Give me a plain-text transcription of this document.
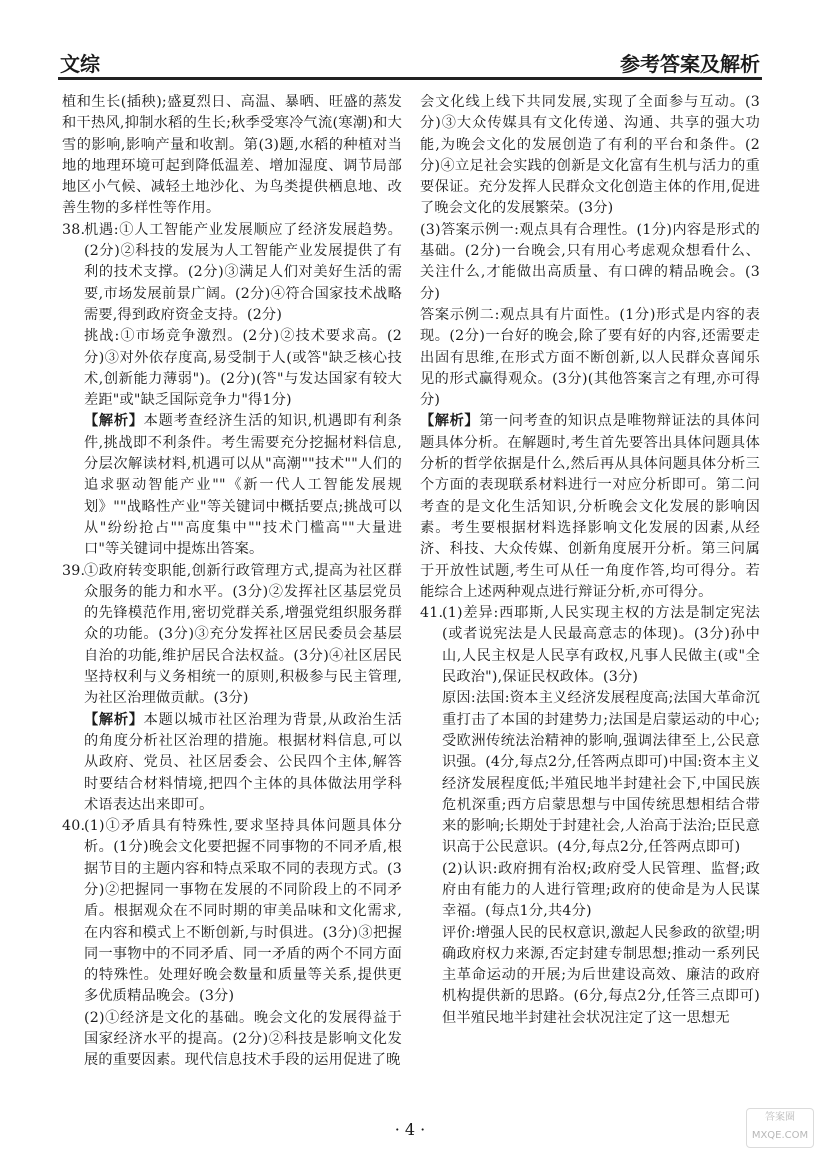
文综	参考答案及解析

植和生长(插秧);盛夏烈日、高温、暴晒、旺盛的蒸发和干热风,抑制水稻的生长;秋季受寒冷气流(寒潮)和大雪的影响,影响产量和收割。第(3)题,水稻的种植对当地的地理环境可起到降低温差、增加湿度、调节局部地区小气候、减轻土地沙化、为鸟类提供栖息地、改善生物的多样性等作用。

38.

机遇:①人工智能产业发展顺应了经济发展趋势。(2分)②科技的发展为人工智能产业发展提供了有利的技术支撑。(2分)③满足人们对美好生活的需要,市场发展前景广阔。(2分)④符合国家技术战略需要,得到政府资金支持。(2分)

挑战:①市场竞争激烈。(2分)②技术要求高。(2分)③对外依存度高,易受制于人(或答"缺乏核心技术,创新能力薄弱")。(2分)(答"与发达国家有较大差距"或"缺乏国际竞争力"得1分)

【解析】本题考查经济生活的知识,机遇即有利条件,挑战即不利条件。考生需要充分挖掘材料信息,分层次解读材料,机遇可以从"高潮""技术""人们的追求驱动智能产业""《新一代人工智能发展规划》""战略性产业"等关键词中概括要点;挑战可以从"纷纷抢占""高度集中""技术门槛高""大量进口"等关键词中提炼出答案。

39.

①政府转变职能,创新行政管理方式,提高为社区群众服务的能力和水平。(3分)②发挥社区基层党员的先锋模范作用,密切党群关系,增强党组织服务群众的功能。(3分)③充分发挥社区居民委员会基层自治的功能,维护居民合法权益。(3分)④社区居民坚持权利与义务相统一的原则,积极参与民主管理,为社区治理做贡献。(3分)

【解析】本题以城市社区治理为背景,从政治生活的角度分析社区治理的措施。根据材料信息,可以从政府、党员、社区居委会、公民四个主体,解答时要结合材料情境,把四个主体的具体做法用学科术语表达出来即可。

40.

(1)①矛盾具有特殊性,要求坚持具体问题具体分析。(1分)晚会文化要把握不同事物的不同矛盾,根据节目的主题内容和特点采取不同的表现方式。(3分)②把握同一事物在发展的不同阶段上的不同矛盾。根据观众在不同时期的审美品味和文化需求,在内容和模式上不断创新,与时俱进。(3分)③把握同一事物中的不同矛盾、同一矛盾的两个不同方面的特殊性。处理好晚会数量和质量等关系,提供更多优质精品晚会。(3分)

(2)①经济是文化的基础。晚会文化的发展得益于国家经济水平的提高。(2分)②科技是影响文化发展的重要因素。现代信息技术手段的运用促进了晚

会文化线上线下共同发展,实现了全面参与互动。(3分)③大众传媒具有文化传递、沟通、共享的强大功能,为晚会文化的发展创造了有利的平台和条件。(2分)④立足社会实践的创新是文化富有生机与活力的重要保证。充分发挥人民群众文化创造主体的作用,促进了晚会文化的发展繁荣。(3分)

(3)答案示例一:观点具有合理性。(1分)内容是形式的基础。(2分)一台晚会,只有用心考虑观众想看什么、关注什么,才能做出高质量、有口碑的精品晚会。(3分)

答案示例二:观点具有片面性。(1分)形式是内容的表现。(2分)一台好的晚会,除了要有好的内容,还需要走出固有思维,在形式方面不断创新,以人民群众喜闻乐见的形式赢得观众。(3分)(其他答案言之有理,亦可得分)

【解析】第一问考查的知识点是唯物辩证法的具体问题具体分析。在解题时,考生首先要答出具体问题具体分析的哲学依据是什么,然后再从具体问题具体分析三个方面的表现联系材料进行一对应分析即可。第二问考查的是文化生活知识,分析晚会文化发展的影响因素。考生要根据材料选择影响文化发展的因素,从经济、科技、大众传媒、创新角度展开分析。第三问属于开放性试题,考生可从任一角度作答,均可得分。若能综合上述两种观点进行辩证分析,亦可得分。

41.

(1)差异:西耶斯,人民实现主权的方法是制定宪法(或者说宪法是人民最高意志的体现)。(3分)孙中山,人民主权是人民享有政权,凡事人民做主(或"全民政治"),保证民权政体。(3分)

原因:法国:资本主义经济发展程度高;法国大革命沉重打击了本国的封建势力;法国是启蒙运动的中心;受欧洲传统法治精神的影响,强调法律至上,公民意识强。(4分,每点2分,任答两点即可)中国:资本主义经济发展程度低;半殖民地半封建社会下,中国民族危机深重;西方启蒙思想与中国传统思想相结合带来的影响;长期处于封建社会,人治高于法治;臣民意识高于公民意识。(4分,每点2分,任答两点即可)

(2)认识:政府拥有治权;政府受人民管理、监督;政府由有能力的人进行管理;政府的使命是为人民谋幸福。(每点1分,共4分)

评价:增强人民的民权意识,激起人民参政的欲望;明确政府权力来源,否定封建专制思想;推动一系列民主革命运动的开展;为后世建设高效、廉洁的政府机构提供新的思路。(6分,每点2分,任答三点即可)但半殖民地半封建社会状况注定了这一思想无

· 4 ·
答案圈
MXQE.COM
